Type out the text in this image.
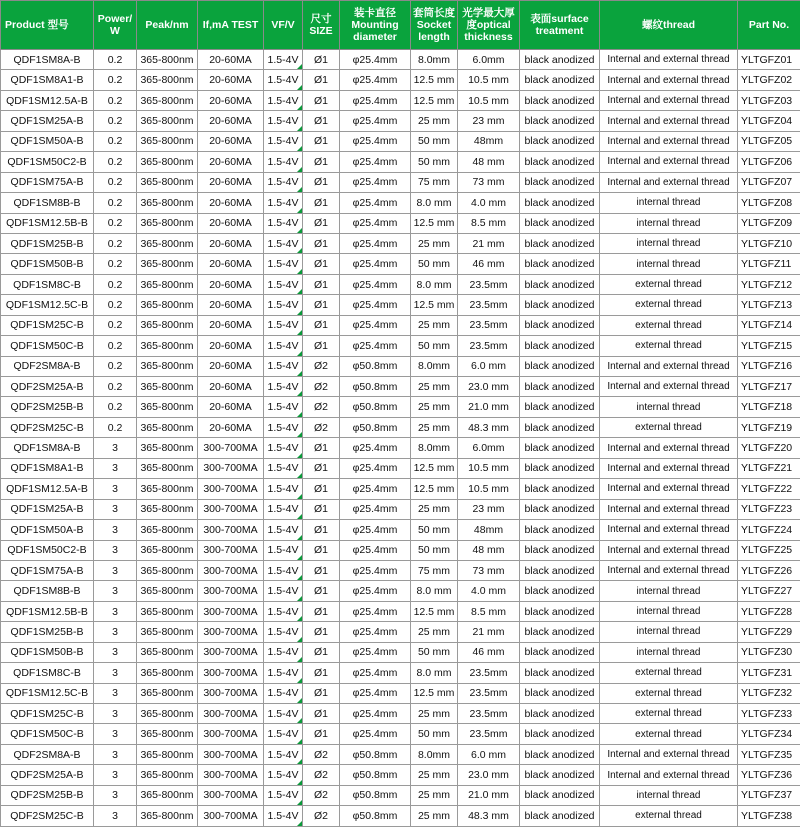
Product 型号	Power/ W	Peak/nm	If,mA TEST	VF/V	尺寸 SIZE	装卡直径 Mounting diameter	套筒长度 Socket length	光学最大厚度optical thickness	表面surface treatment	螺纹thread	Part No.
QDF1SM8A-B	0.2	365-800nm	20-60MA	1.5-4V	Ø1	φ25.4mm	8.0mm	6.0mm	black anodized	Internal and external thread	YLTGFZ01
QDF1SM8A1-B	0.2	365-800nm	20-60MA	1.5-4V	Ø1	φ25.4mm	12.5 mm	10.5 mm	black anodized	Internal and external thread	YLTGFZ02
QDF1SM12.5A-B	0.2	365-800nm	20-60MA	1.5-4V	Ø1	φ25.4mm	12.5 mm	10.5 mm	black anodized	Internal and external thread	YLTGFZ03
QDF1SM25A-B	0.2	365-800nm	20-60MA	1.5-4V	Ø1	φ25.4mm	25 mm	23 mm	black anodized	Internal and external thread	YLTGFZ04
QDF1SM50A-B	0.2	365-800nm	20-60MA	1.5-4V	Ø1	φ25.4mm	50 mm	48mm	black anodized	Internal and external thread	YLTGFZ05
QDF1SM50C2-B	0.2	365-800nm	20-60MA	1.5-4V	Ø1	φ25.4mm	50 mm	48 mm	black anodized	Internal and external thread	YLTGFZ06
QDF1SM75A-B	0.2	365-800nm	20-60MA	1.5-4V	Ø1	φ25.4mm	75 mm	73 mm	black anodized	Internal and external thread	YLTGFZ07
QDF1SM8B-B	0.2	365-800nm	20-60MA	1.5-4V	Ø1	φ25.4mm	8.0 mm	4.0 mm	black anodized	internal thread	YLTGFZ08
QDF1SM12.5B-B	0.2	365-800nm	20-60MA	1.5-4V	Ø1	φ25.4mm	12.5 mm	8.5 mm	black anodized	internal thread	YLTGFZ09
QDF1SM25B-B	0.2	365-800nm	20-60MA	1.5-4V	Ø1	φ25.4mm	25 mm	21 mm	black anodized	internal thread	YLTGFZ10
QDF1SM50B-B	0.2	365-800nm	20-60MA	1.5-4V	Ø1	φ25.4mm	50 mm	46 mm	black anodized	internal thread	YLTGFZ11
QDF1SM8C-B	0.2	365-800nm	20-60MA	1.5-4V	Ø1	φ25.4mm	8.0 mm	23.5mm	black anodized	external thread	YLTGFZ12
QDF1SM12.5C-B	0.2	365-800nm	20-60MA	1.5-4V	Ø1	φ25.4mm	12.5 mm	23.5mm	black anodized	external thread	YLTGFZ13
QDF1SM25C-B	0.2	365-800nm	20-60MA	1.5-4V	Ø1	φ25.4mm	25 mm	23.5mm	black anodized	external thread	YLTGFZ14
QDF1SM50C-B	0.2	365-800nm	20-60MA	1.5-4V	Ø1	φ25.4mm	50 mm	23.5mm	black anodized	external thread	YLTGFZ15
QDF2SM8A-B	0.2	365-800nm	20-60MA	1.5-4V	Ø2	φ50.8mm	8.0mm	6.0 mm	black anodized	Internal and external thread	YLTGFZ16
QDF2SM25A-B	0.2	365-800nm	20-60MA	1.5-4V	Ø2	φ50.8mm	25 mm	23.0 mm	black anodized	Internal and external thread	YLTGFZ17
QDF2SM25B-B	0.2	365-800nm	20-60MA	1.5-4V	Ø2	φ50.8mm	25 mm	21.0 mm	black anodized	internal thread	YLTGFZ18
QDF2SM25C-B	0.2	365-800nm	20-60MA	1.5-4V	Ø2	φ50.8mm	25 mm	48.3 mm	black anodized	external thread	YLTGFZ19
QDF1SM8A-B	3	365-800nm	300-700MA	1.5-4V	Ø1	φ25.4mm	8.0mm	6.0mm	black anodized	Internal and external thread	YLTGFZ20
QDF1SM8A1-B	3	365-800nm	300-700MA	1.5-4V	Ø1	φ25.4mm	12.5 mm	10.5 mm	black anodized	Internal and external thread	YLTGFZ21
QDF1SM12.5A-B	3	365-800nm	300-700MA	1.5-4V	Ø1	φ25.4mm	12.5 mm	10.5 mm	black anodized	Internal and external thread	YLTGFZ22
QDF1SM25A-B	3	365-800nm	300-700MA	1.5-4V	Ø1	φ25.4mm	25 mm	23 mm	black anodized	Internal and external thread	YLTGFZ23
QDF1SM50A-B	3	365-800nm	300-700MA	1.5-4V	Ø1	φ25.4mm	50 mm	48mm	black anodized	Internal and external thread	YLTGFZ24
QDF1SM50C2-B	3	365-800nm	300-700MA	1.5-4V	Ø1	φ25.4mm	50 mm	48 mm	black anodized	Internal and external thread	YLTGFZ25
QDF1SM75A-B	3	365-800nm	300-700MA	1.5-4V	Ø1	φ25.4mm	75 mm	73 mm	black anodized	Internal and external thread	YLTGFZ26
QDF1SM8B-B	3	365-800nm	300-700MA	1.5-4V	Ø1	φ25.4mm	8.0 mm	4.0 mm	black anodized	internal thread	YLTGFZ27
QDF1SM12.5B-B	3	365-800nm	300-700MA	1.5-4V	Ø1	φ25.4mm	12.5 mm	8.5 mm	black anodized	internal thread	YLTGFZ28
QDF1SM25B-B	3	365-800nm	300-700MA	1.5-4V	Ø1	φ25.4mm	25 mm	21 mm	black anodized	internal thread	YLTGFZ29
QDF1SM50B-B	3	365-800nm	300-700MA	1.5-4V	Ø1	φ25.4mm	50 mm	46 mm	black anodized	internal thread	YLTGFZ30
QDF1SM8C-B	3	365-800nm	300-700MA	1.5-4V	Ø1	φ25.4mm	8.0 mm	23.5mm	black anodized	external thread	YLTGFZ31
QDF1SM12.5C-B	3	365-800nm	300-700MA	1.5-4V	Ø1	φ25.4mm	12.5 mm	23.5mm	black anodized	external thread	YLTGFZ32
QDF1SM25C-B	3	365-800nm	300-700MA	1.5-4V	Ø1	φ25.4mm	25 mm	23.5mm	black anodized	external thread	YLTGFZ33
QDF1SM50C-B	3	365-800nm	300-700MA	1.5-4V	Ø1	φ25.4mm	50 mm	23.5mm	black anodized	external thread	YLTGFZ34
QDF2SM8A-B	3	365-800nm	300-700MA	1.5-4V	Ø2	φ50.8mm	8.0mm	6.0 mm	black anodized	Internal and external thread	YLTGFZ35
QDF2SM25A-B	3	365-800nm	300-700MA	1.5-4V	Ø2	φ50.8mm	25 mm	23.0 mm	black anodized	Internal and external thread	YLTGFZ36
QDF2SM25B-B	3	365-800nm	300-700MA	1.5-4V	Ø2	φ50.8mm	25 mm	21.0 mm	black anodized	internal thread	YLTGFZ37
QDF2SM25C-B	3	365-800nm	300-700MA	1.5-4V	Ø2	φ50.8mm	25 mm	48.3 mm	black anodized	external thread	YLTGFZ38
